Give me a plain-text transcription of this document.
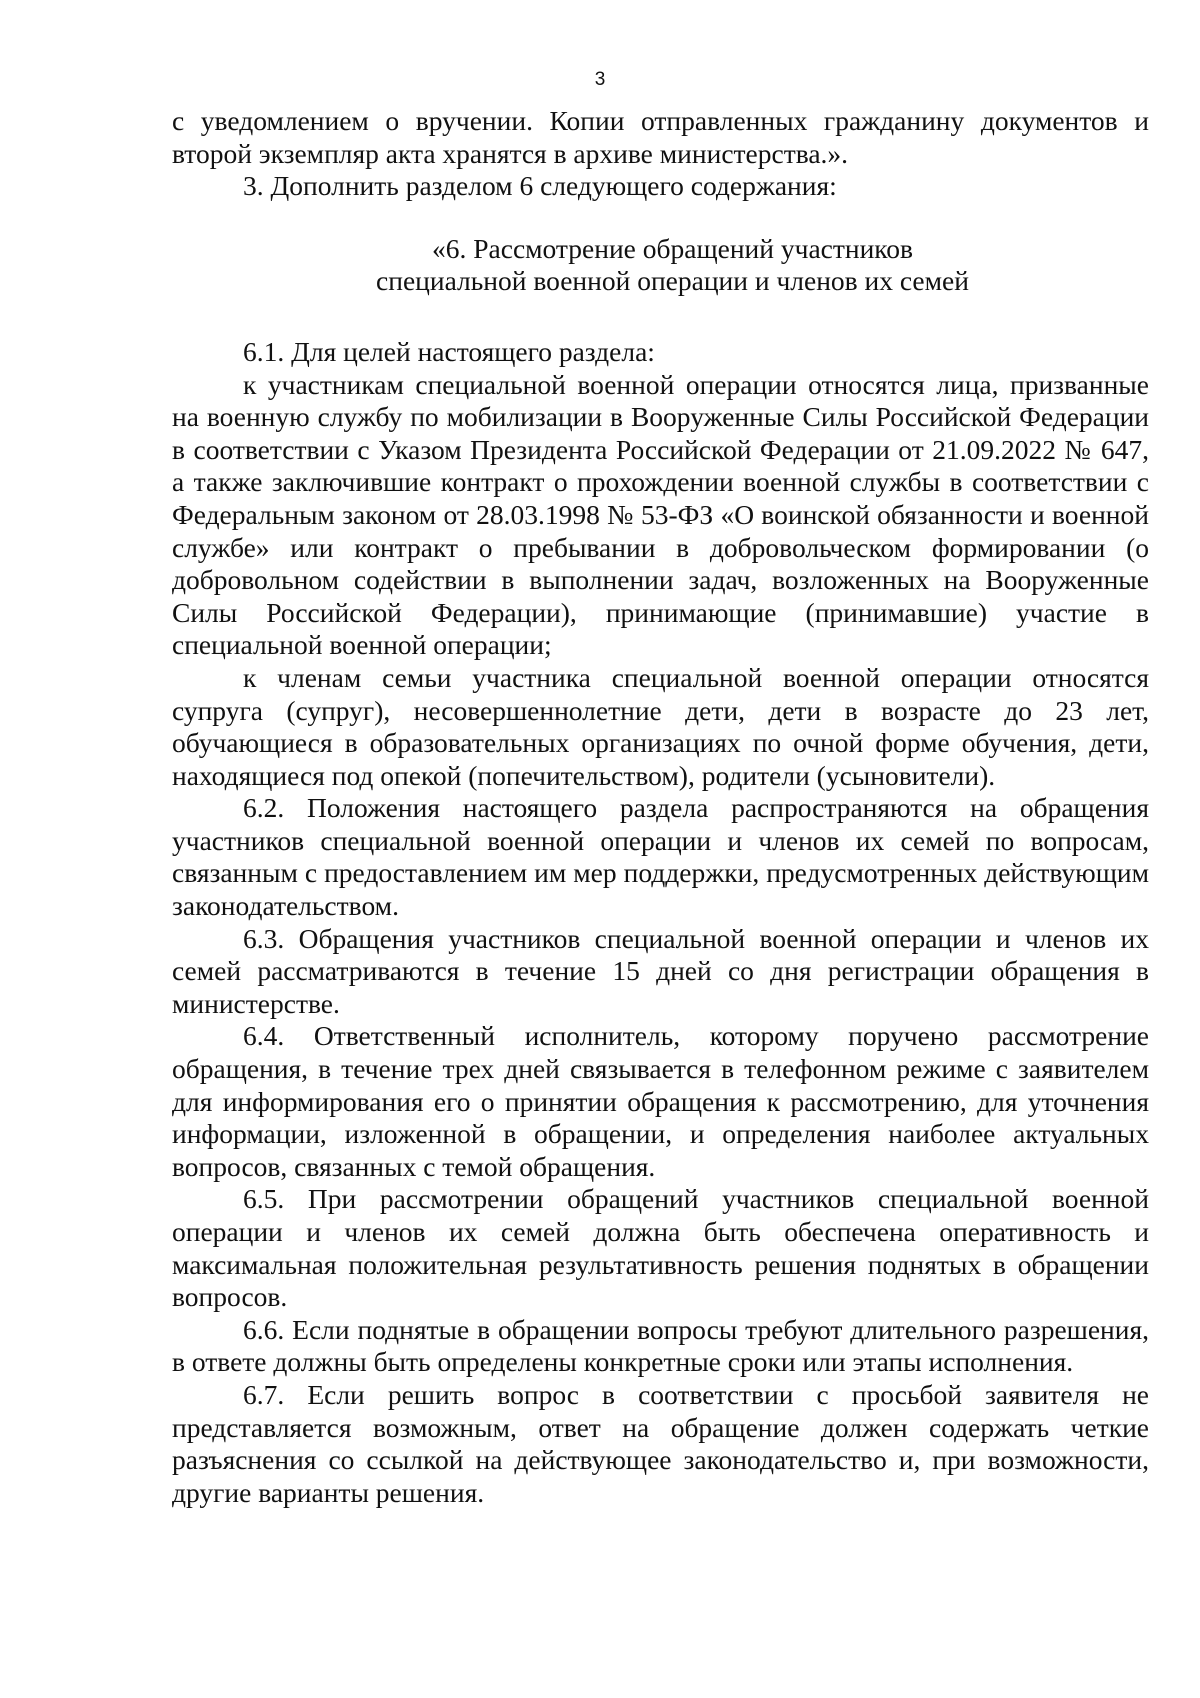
3

с уведомлением о вручении. Копии отправленных гражданину документов и второй экземпляр акта хранятся в архиве министерства.».

3. Дополнить разделом 6 следующего содержания:

«6. Рассмотрение обращений участников

специальной военной операции и членов их семей

6.1. Для целей настоящего раздела:

к участникам специальной военной операции относятся лица, призванные на военную службу по мобилизации в Вооруженные Силы Российской Федерации в соответствии с Указом Президента Российской Федерации от 21.09.2022 № 647, а также заключившие контракт о прохождении военной службы в соответствии с Федеральным законом от 28.03.1998 № 53-ФЗ «О воинской обязанности и военной службе» или контракт о пребывании в добровольческом формировании (о добровольном содействии в выполнении задач, возложенных на Вооруженные Силы Российской Федерации), принимающие (принимавшие) участие в специальной военной операции;

к членам семьи участника специальной военной операции относятся супруга (супруг), несовершеннолетние дети, дети в возрасте до 23 лет, обучающиеся в образовательных организациях по очной форме обучения, дети, находящиеся под опекой (попечительством), родители (усыновители).

6.2. Положения настоящего раздела распространяются на обращения участников специальной военной операции и членов их семей по вопросам, связанным с предоставлением им мер поддержки, предусмотренных действующим законодательством.

6.3. Обращения участников специальной военной операции и членов их семей рассматриваются в течение 15 дней со дня регистрации обращения в министерстве.

6.4. Ответственный исполнитель, которому поручено рассмотрение обращения, в течение трех дней связывается в телефонном режиме с заявителем для информирования его о принятии обращения к рассмотрению, для уточнения информации, изложенной в обращении, и определения наиболее актуальных вопросов, связанных с темой обращения.

6.5. При рассмотрении обращений участников специальной военной операции и членов их семей должна быть обеспечена оперативность и максимальная положительная результативность решения поднятых в обращении вопросов.

6.6. Если поднятые в обращении вопросы требуют длительного разрешения, в ответе должны быть определены конкретные сроки или этапы исполнения.

6.7. Если решить вопрос в соответствии с просьбой заявителя не представляется возможным, ответ на обращение должен содержать четкие разъяснения со ссылкой на действующее законодательство и, при возможности, другие варианты решения.
